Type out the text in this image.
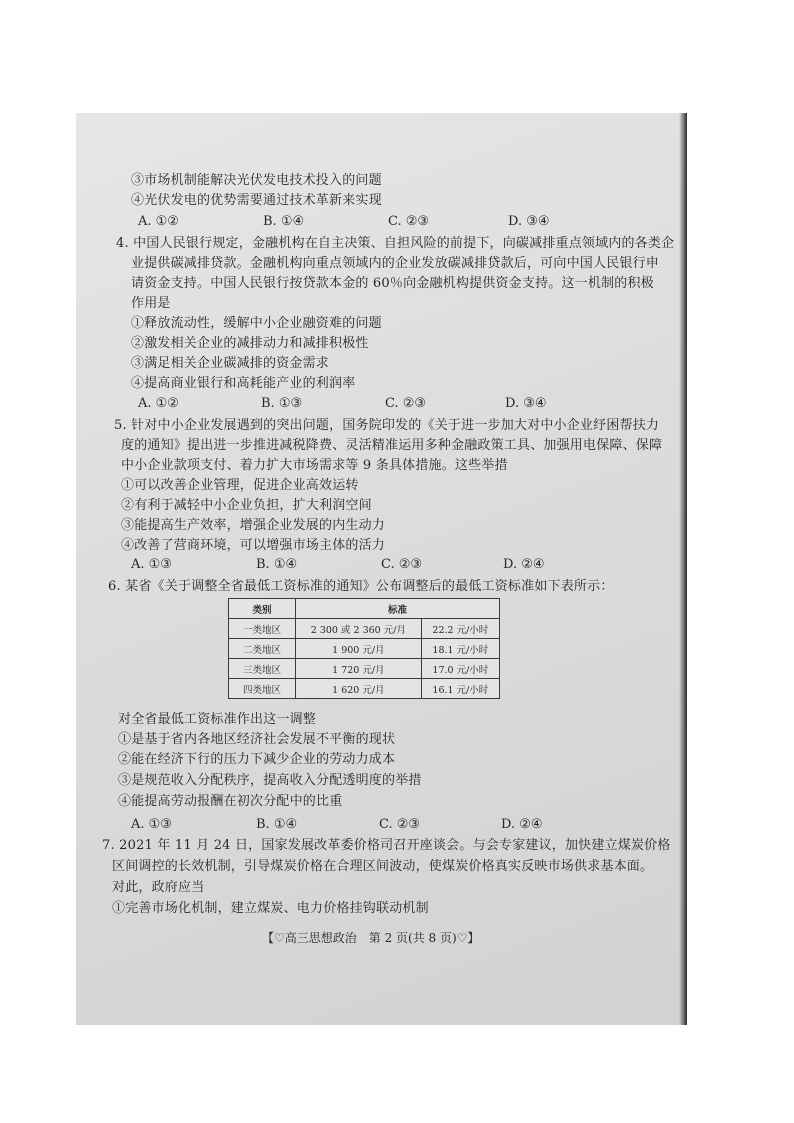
③市场机制能解决光伏发电技术投入的问题
④光伏发电的优势需要通过技术革新来实现
A. ①②	B. ①④	C. ②③	D. ③④
4. 中国人民银行规定，金融机构在自主决策、自担风险的前提下，向碳减排重点领域内的各类企
业提供碳减排贷款。金融机构向重点领域内的企业发放碳减排贷款后，可向中国人民银行申
请资金支持。中国人民银行按贷款本金的 60％向金融机构提供资金支持。这一机制的积极
作用是
①释放流动性，缓解中小企业融资难的问题
②激发相关企业的减排动力和减排积极性
③满足相关企业碳减排的资金需求
④提高商业银行和高耗能产业的利润率
A. ①②	B. ①③	C. ②③	D. ③④
5. 针对中小企业发展遇到的突出问题，国务院印发的《关于进一步加大对中小企业纾困帮扶力
度的通知》提出进一步推进减税降费、灵活精准运用多种金融政策工具、加强用电保障、保障
中小企业款项支付、着力扩大市场需求等 9 条具体措施。这些举措
①可以改善企业管理，促进企业高效运转
②有利于减轻中小企业负担，扩大利润空间
③能提高生产效率，增强企业发展的内生动力
④改善了营商环境，可以增强市场主体的活力
A. ①③	B. ①④	C. ②③	D. ②④
6. 某省《关于调整全省最低工资标准的通知》公布调整后的最低工资标准如下表所示：
类别	标准	
一类地区	2 300 或 2 360 元/月	22.2 元/小时
二类地区	1 900 元/月	18.1 元/小时
三类地区	1 720 元/月	17.0 元/小时
四类地区	1 620 元/月	16.1 元/小时
对全省最低工资标准作出这一调整
①是基于省内各地区经济社会发展不平衡的现状
②能在经济下行的压力下减少企业的劳动力成本
③是规范收入分配秩序，提高收入分配透明度的举措
④能提高劳动报酬在初次分配中的比重
A. ①③	B. ①④	C. ②③	D. ②④
7. 2021 年 11 月 24 日，国家发展改革委价格司召开座谈会。与会专家建议，加快建立煤炭价格
区间调控的长效机制，引导煤炭价格在合理区间波动，使煤炭价格真实反映市场供求基本面。
对此，政府应当
①完善市场化机制，建立煤炭、电力价格挂钩联动机制
【♡高三思想政治　第 2 页(共 8 页)♡】
